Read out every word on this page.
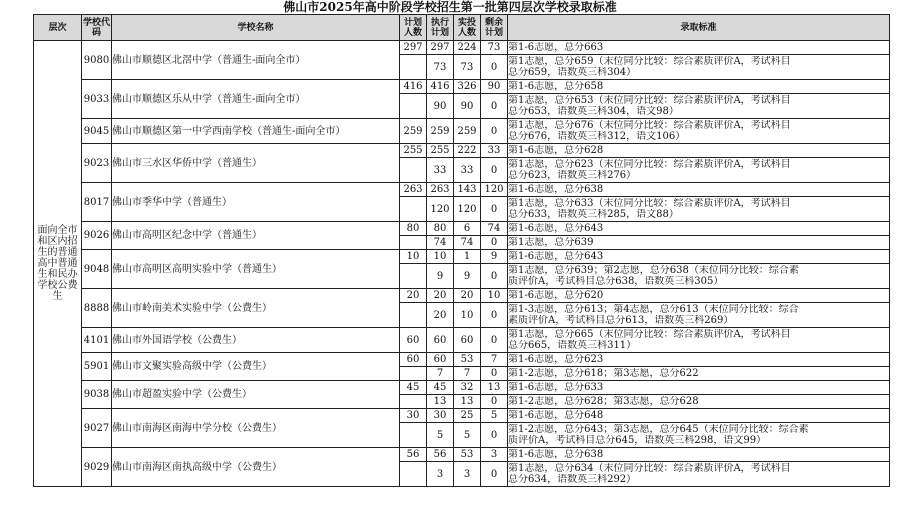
佛山市2025年高中阶段学校招生第一批第四层次学校录取标准
层次	学校代码	学校名称	计划人数	执行计划	实投人数	剩余计划	录取标准
面向全市和区内招生的普通高中普通生和民办学校公费生	9080	佛山市顺德区北滘中学（普通生-面向全市）	297	297	224	73	第1-6志愿，总分663

				73	73	0	第1志愿，总分659（末位同分比较：综合素质评价A，考试科目
总分659，语数英三科304）

	9033	佛山市顺德区乐从中学（普通生-面向全市）	416	416	326	90	第1-6志愿，总分658

				90	90	0	第1志愿，总分653（末位同分比较：综合素质评价A，考试科目
总分653，语数英三科304，语文98）

	9045	佛山市顺德区第一中学西南学校（普通生-面向全市）	259	259	259	0	第1志愿，总分676（末位同分比较：综合素质评价A，考试科目
总分676，语数英三科312，语文106）

	9023	佛山市三水区华侨中学（普通生）	255	255	222	33	第1-6志愿，总分628

				33	33	0	第1志愿，总分623（末位同分比较：综合素质评价A，考试科目
总分623，语数英三科276）

	8017	佛山市季华中学（普通生）	263	263	143	120	第1-6志愿，总分638

				120	120	0	第1志愿，总分633（末位同分比较：综合素质评价A，考试科目
总分633，语数英三科285，语文88）

	9026	佛山市高明区纪念中学（普通生）	80	80	6	74	第1-6志愿，总分643

				74	74	0	第1志愿，总分639

	9048	佛山市高明区高明实验中学（普通生）	10	10	1	9	第1-6志愿，总分643

				9	9	0	第1志愿，总分639；第2志愿，总分638（末位同分比较：综合素
质评价A，考试科目总分638，语数英三科305）

	8888	佛山市岭南美术实验中学（公费生）	20	20	20	10	第1-6志愿，总分620

				20	10	0	第1-3志愿，总分613；第4志愿，总分613（末位同分比较：综合
素质评价A，考试科目总分613，语数英三科269）

	4101	佛山市外国语学校（公费生）	60	60	60	0	第1志愿，总分665（末位同分比较：综合素质评价A，考试科目
总分665，语数英三科311）

	5901	佛山市文聚实验高级中学（公费生）	60	60	53	7	第1-6志愿，总分623

				7	7	0	第1-2志愿，总分618；第3志愿，总分622

	9038	佛山市超盈实验中学（公费生）	45	45	32	13	第1-6志愿，总分633

				13	13	0	第1-2志愿，总分628；第3志愿，总分628

	9027	佛山市南海区南海中学分校（公费生）	30	30	25	5	第1-6志愿，总分648

				5	5	0	第1-2志愿，总分643；第3志愿，总分645（末位同分比较：综合素
质评价A，考试科目总分645，语数英三科298，语文99）

	9029	佛山市南海区南执高级中学（公费生）	56	56	53	3	第1-6志愿，总分638

				3	3	0	第1志愿，总分634（末位同分比较：综合素质评价A，考试科目
总分634，语数英三科292）
